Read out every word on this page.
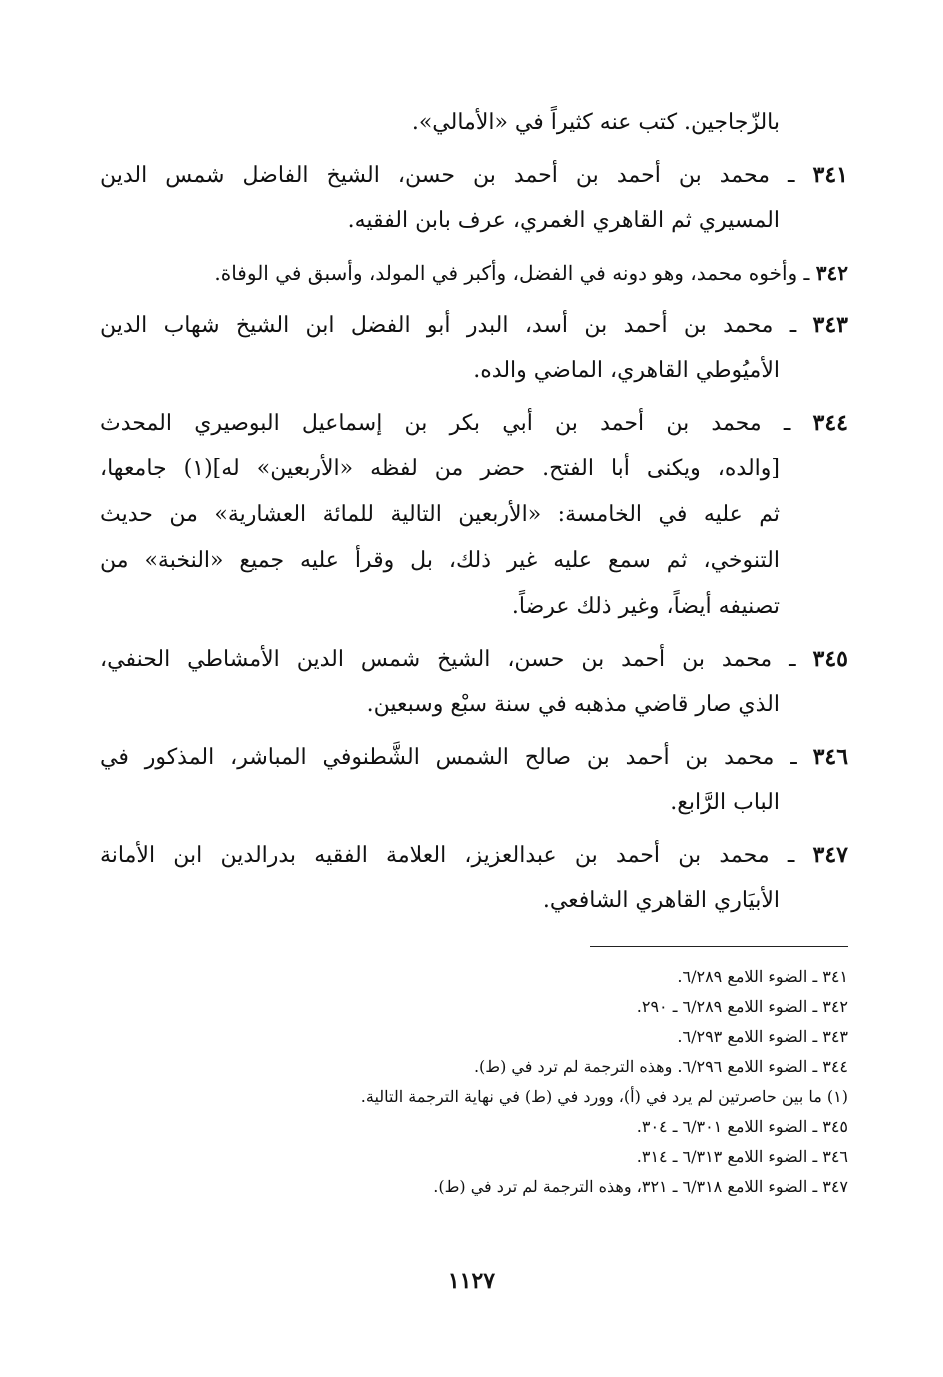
بالزّجاجين. كتب عنه كثيراً في «الأمالي».
٣٤١ ـ محمد بن أحمد بن أحمد بن حسن، الشيخ الفاضل شمس الدين
المسيري ثم القاهري الغمري، عرف بابن الفقيه.
٣٤٢ ـ وأخوه محمد، وهو دونه في الفضل، وأكبر في المولد، وأسبق في الوفاة.
٣٤٣ ـ محمد بن أحمد بن أسد، البدر أبو الفضل ابن الشيخ شهاب الدين
الأميُوطي القاهري، الماضي والده.
٣٤٤ ـ محمد بن أحمد بن أبي بكر بن إسماعيل البوصيري المحدث
[والده، ويكنى أبا الفتح. حضر من لفظه «الأربعين» له](١) جامعها،
ثم عليه في الخامسة: «الأربعين التالية للمائة العشارية» من حديث
التنوخي، ثم سمع عليه غير ذلك، بل وقرأ عليه جميع «النخبة» من
تصنيفه أيضاً، وغير ذلك عرضاً.
٣٤٥ ـ محمد بن أحمد بن حسن، الشيخ شمس الدين الأمشاطي الحنفي،
الذي صار قاضي مذهبه في سنة سبْع وسبعين.
٣٤٦ ـ محمد بن أحمد بن صالح الشمس الشَّطنوفي المباشر، المذكور في
الباب الرَّابع.
٣٤٧ ـ محمد بن أحمد بن عبدالعزيز، العلامة الفقيه بدرالدين ابن الأمانة
الأبيَاري القاهري الشافعي.
٣٤١ ـ الضوء اللامع ٦/٢٨٩.
٣٤٢ ـ الضوء اللامع ٦/٢٨٩ ـ ٢٩٠.
٣٤٣ ـ الضوء اللامع ٦/٢٩٣.
٣٤٤ ـ الضوء اللامع ٦/٢٩٦. وهذه الترجمة لم ترد في (ط).
(١) ما بين حاصرتين لم يرد في (أ)، وورد في (ط) في نهاية الترجمة التالية.
٣٤٥ ـ الضوء اللامع ٦/٣٠١ ـ ٣٠٤.
٣٤٦ ـ الضوء اللامع ٦/٣١٣ ـ ٣١٤.
٣٤٧ ـ الضوء اللامع ٦/٣١٨ ـ ٣٢١، وهذه الترجمة لم ترد في (ط).
١١٢٧
